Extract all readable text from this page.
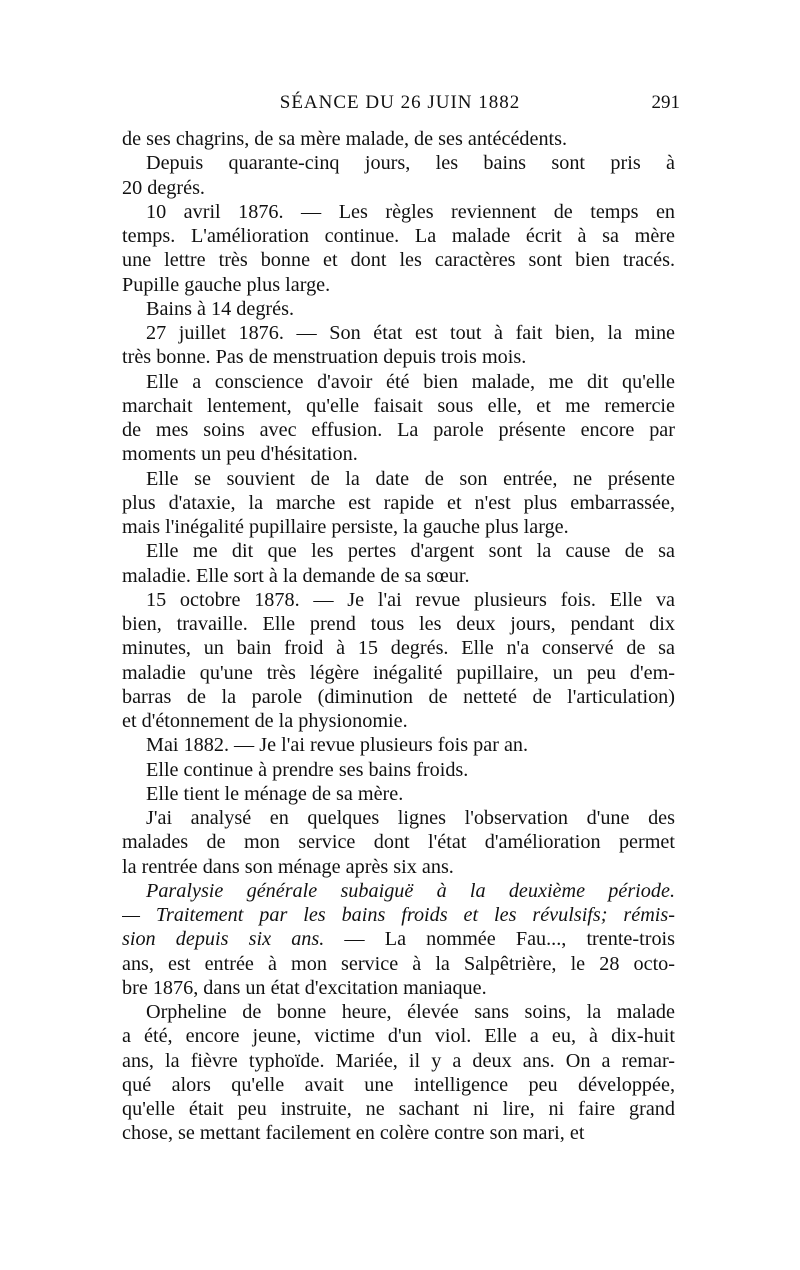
SÉANCE DU 26 JUIN 1882	291
de ses chagrins, de sa mère malade, de ses antécédents.
Depuis quarante-cinq jours, les bains sont pris à
20 degrés.
10 avril 1876. — Les règles reviennent de temps en
temps. L'amélioration continue. La malade écrit à sa mère
une lettre très bonne et dont les caractères sont bien tracés.
Pupille gauche plus large.
Bains à 14 degrés.
27 juillet 1876. — Son état est tout à fait bien, la mine
très bonne. Pas de menstruation depuis trois mois.
Elle a conscience d'avoir été bien malade, me dit qu'elle
marchait lentement, qu'elle faisait sous elle, et me remercie
de mes soins avec effusion. La parole présente encore par
moments un peu d'hésitation.
Elle se souvient de la date de son entrée, ne présente
plus d'ataxie, la marche est rapide et n'est plus embarrassée,
mais l'inégalité pupillaire persiste, la gauche plus large.
Elle me dit que les pertes d'argent sont la cause de sa
maladie. Elle sort à la demande de sa sœur.
15 octobre 1878. — Je l'ai revue plusieurs fois. Elle va
bien, travaille. Elle prend tous les deux jours, pendant dix
minutes, un bain froid à 15 degrés. Elle n'a conservé de sa
maladie qu'une très légère inégalité pupillaire, un peu d'em-
barras de la parole (diminution de netteté de l'articulation)
et d'étonnement de la physionomie.
Mai 1882. — Je l'ai revue plusieurs fois par an.
Elle continue à prendre ses bains froids.
Elle tient le ménage de sa mère.
J'ai analysé en quelques lignes l'observation d'une des
malades de mon service dont l'état d'amélioration permet
la rentrée dans son ménage après six ans.
Paralysie générale subaiguë à la deuxième période.
— Traitement par les bains froids et les révulsifs; rémis-
sion depuis six ans. — La nommée Fau..., trente-trois
ans, est entrée à mon service à la Salpêtrière, le 28 octo-
bre 1876, dans un état d'excitation maniaque.
Orpheline de bonne heure, élevée sans soins, la malade
a été, encore jeune, victime d'un viol. Elle a eu, à dix-huit
ans, la fièvre typhoïde. Mariée, il y a deux ans. On a remar-
qué alors qu'elle avait une intelligence peu développée,
qu'elle était peu instruite, ne sachant ni lire, ni faire grand
chose, se mettant facilement en colère contre son mari, et
